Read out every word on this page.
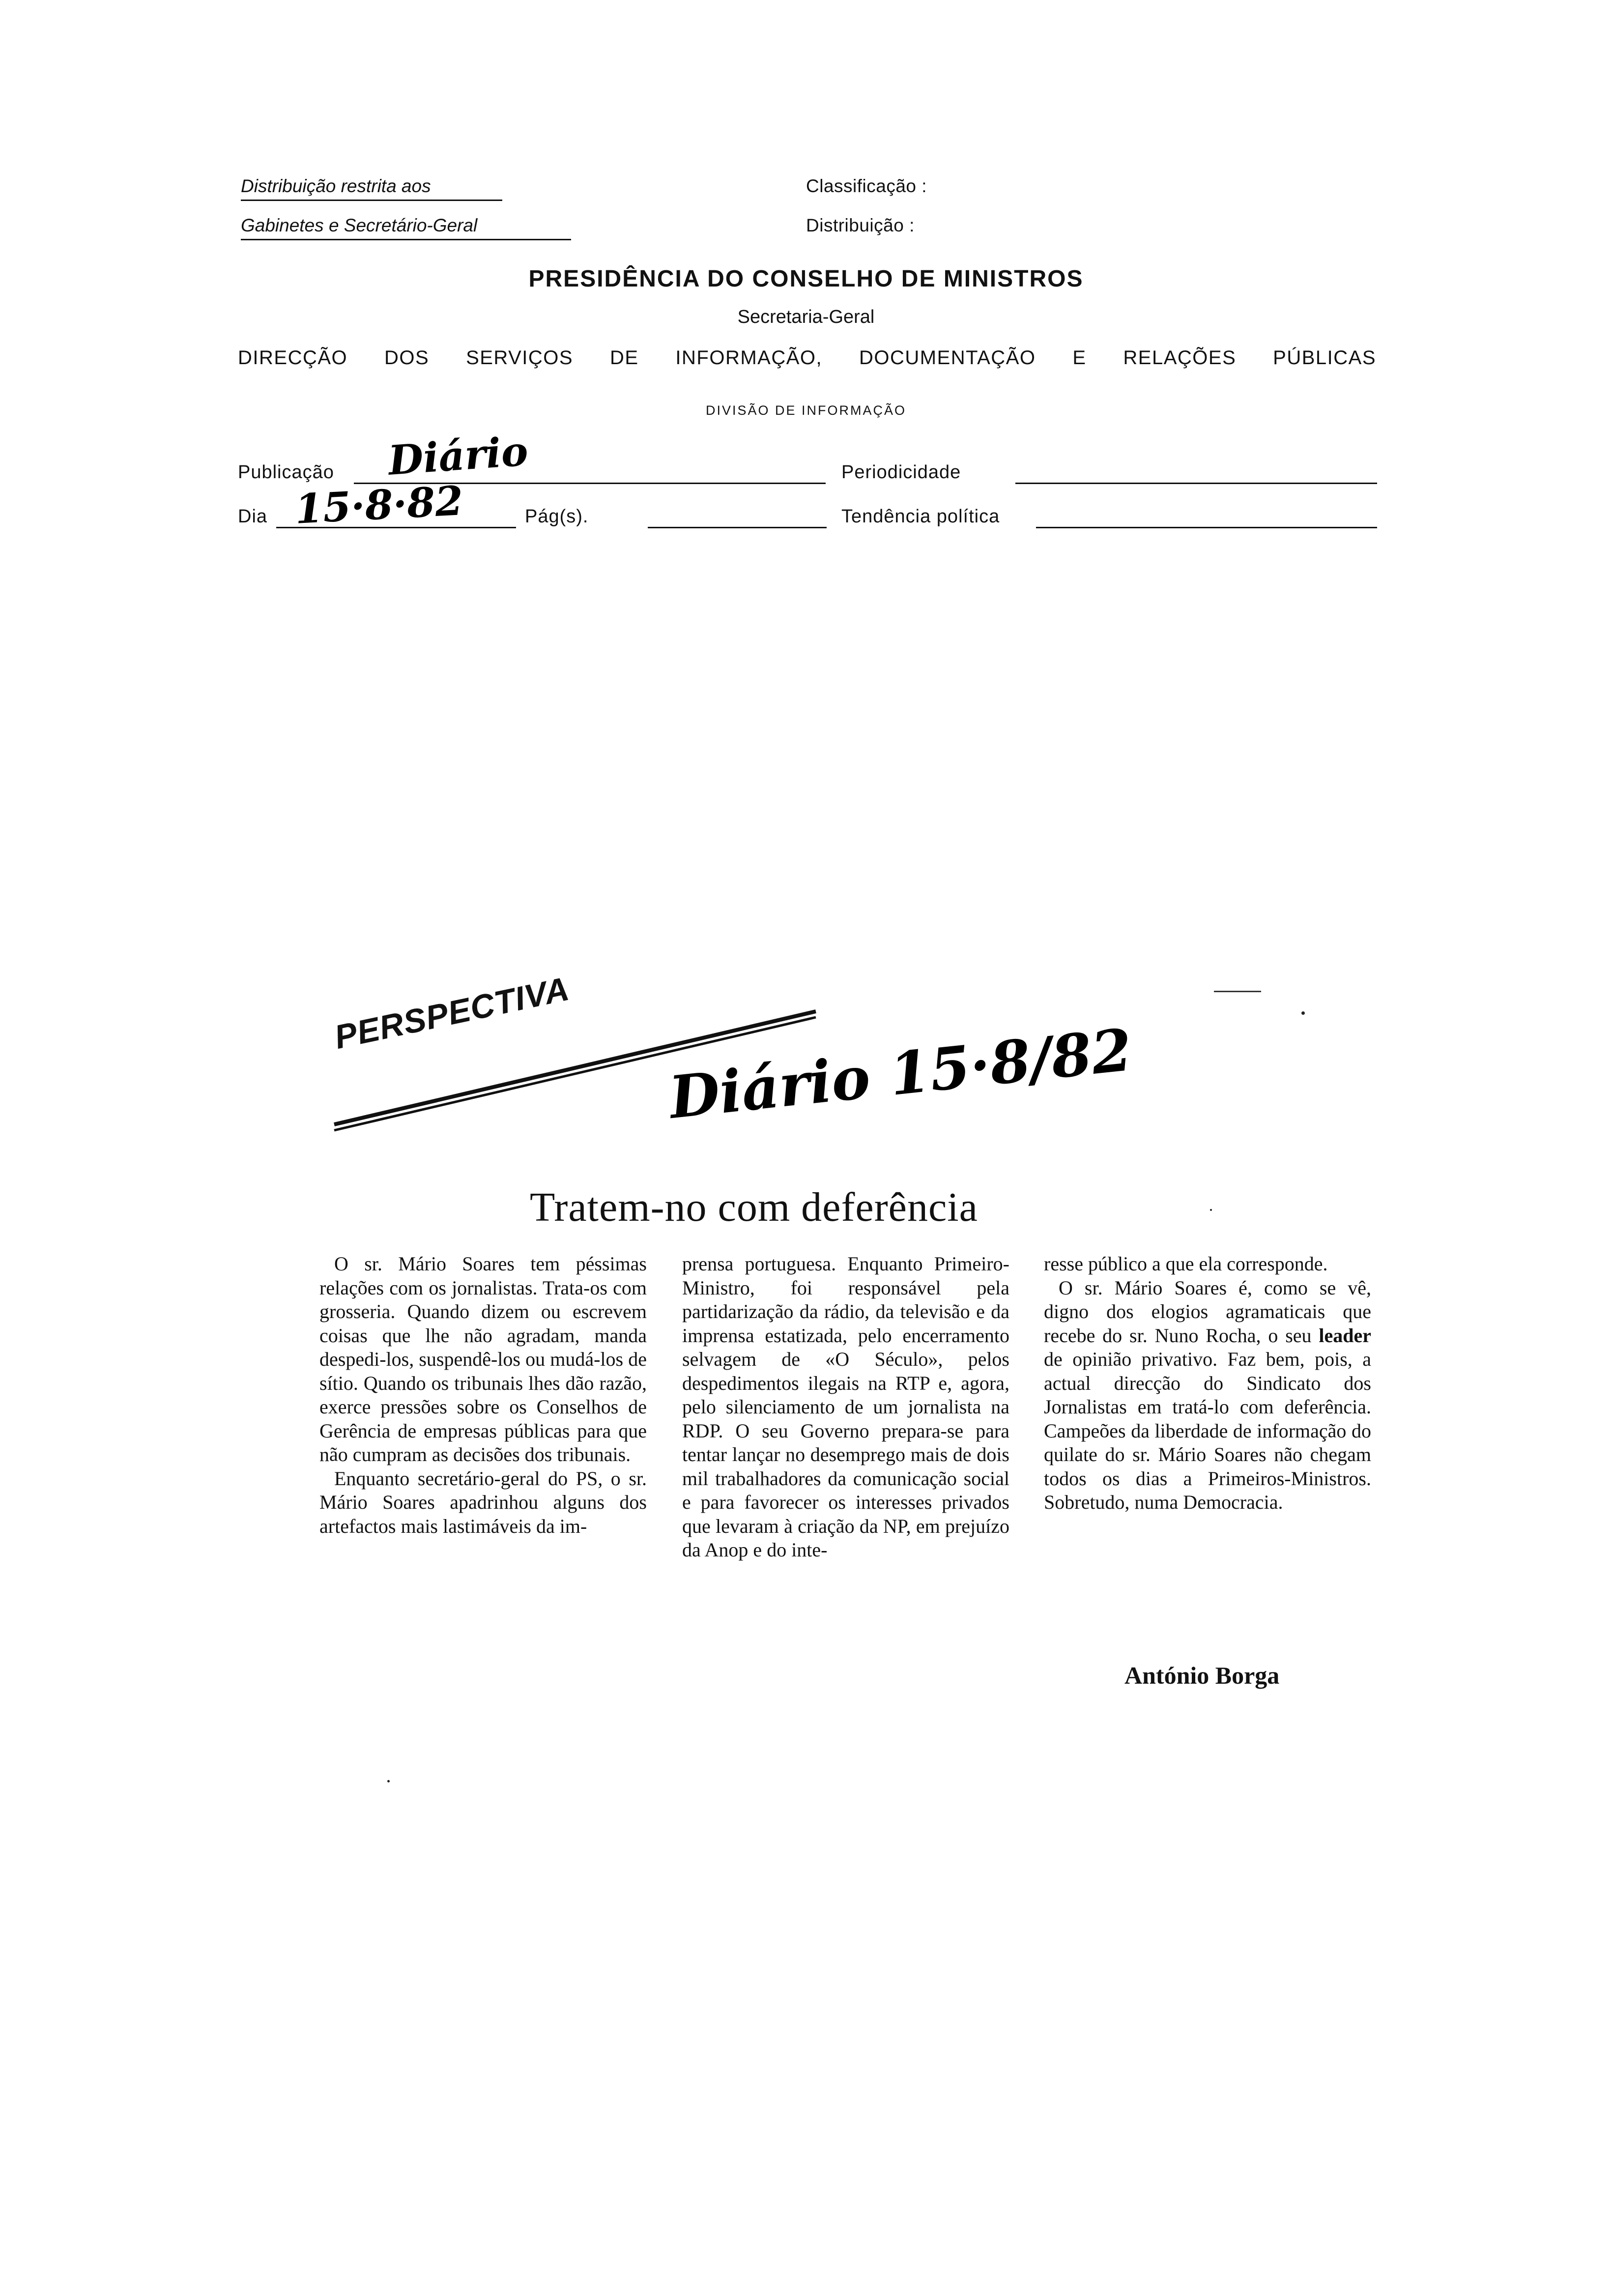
Distribuição restrita aos
Gabinetes e Secretário-Geral
Classificação :
Distribuição :
PRESIDÊNCIA DO CONSELHO DE MINISTROS
Secretaria-Geral
DIRECÇÃO DOS SERVIÇOS DE INFORMAÇÃO, DOCUMENTAÇÃO E RELAÇÕES PÚBLICAS
DIVISÃO DE INFORMAÇÃO
Publicação Diário	Periodicidade
Dia 15·8·82	Pág(s).	Tendência política
PERSPECTIVA
Diário 15·8/82
Tratem-no com deferência

O sr. Mário Soares tem péssimas relações com os jornalistas. Trata-os com grosseria. Quando dizem ou escrevem coisas que lhe não agradam, manda despedi-los, suspendê-los ou mudá-los de sítio. Quando os tribunais lhes dão razão, exerce pressões sobre os Conselhos de Gerência de empresas públicas para que não cumpram as decisões dos tribunais.

Enquanto secretário-geral do PS, o sr. Mário Soares apadrinhou alguns dos artefactos mais lastimáveis da im-

prensa portuguesa. Enquanto Primeiro-Ministro, foi responsável pela partidarização da rádio, da televisão e da imprensa estatizada, pelo encerramento selvagem de «O Século», pelos despedimentos ilegais na RTP e, agora, pelo silenciamento de um jornalista na RDP. O seu Governo prepara-se para tentar lançar no desemprego mais de dois mil trabalhadores da comunicação social e para favorecer os interesses privados que levaram à criação da NP, em prejuízo da Anop e do inte-

resse público a que ela corresponde.

O sr. Mário Soares é, como se vê, digno dos elogios agramaticais que recebe do sr. Nuno Rocha, o seu leader de opinião privativo. Faz bem, pois, a actual direcção do Sindicato dos Jornalistas em tratá-lo com deferência. Campeões da liberdade de informação do quilate do sr. Mário Soares não chegam todos os dias a Primeiros-Ministros. Sobretudo, numa Democracia.

António Borga
